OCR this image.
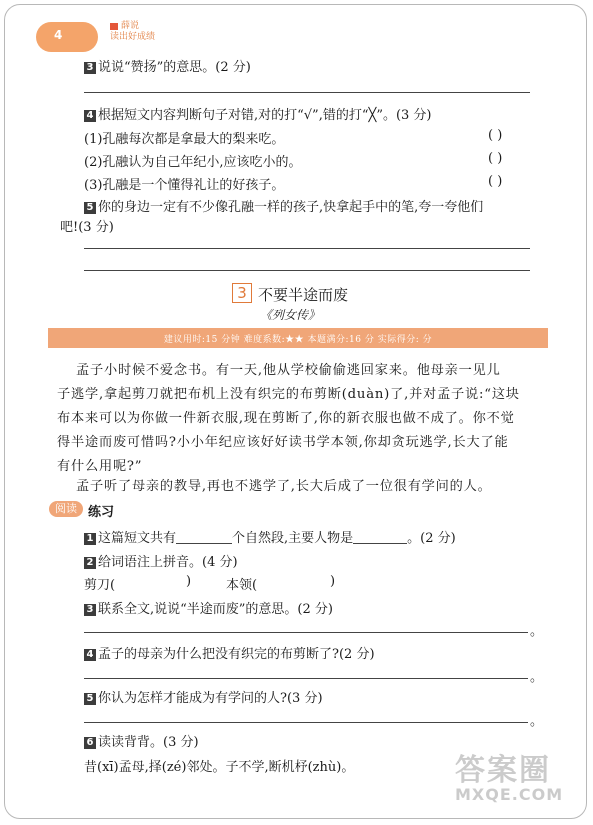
4
薛说
读出好成绩
3 说说“赞扬”的意思。(2 分)
4 根据短文内容判断句子对错,对的打“√”,错的打“╳”。(3 分)
(1)孔融每次都是拿最大的梨来吃。	( )
(2)孔融认为自己年纪小,应该吃小的。	( )
(3)孔融是一个懂得礼让的好孩子。	( )
5 你的身边一定有不少像孔融一样的孩子,快拿起手中的笔,夸一夸他们
吧!(3 分)
3 不要半途而废
《列女传》
建议用时:15 分钟 难度系数:★★ 本题满分:16 分 实际得分: 分
孟子小时候不爱念书。有一天,他从学校偷偷逃回家来。他母亲一见儿
子逃学,拿起剪刀就把布机上没有织完的布剪断(duàn)了,并对孟子说:“这块
布本来可以为你做一件新衣服,现在剪断了,你的新衣服也做不成了。你不觉
得半途而废可惜吗?小小年纪应该好好读书学本领,你却贪玩逃学,长大了能
有什么用呢?”
孟子听了母亲的教导,再也不逃学了,长大后成了一位很有学问的人。
阅读 练习
1 这篇短文共有	个自然段,主要人物是	。(2 分)
2 给词语注上拼音。(4 分)
剪刀(	)	本领(	)
3 联系全文,说说“半途而废”的意思。(2 分)
。
4 孟子的母亲为什么把没有织完的布剪断了?(2 分)
。
5 你认为怎样才能成为有学问的人?(3 分)
。
6 读读背背。(3 分)
昔(xī)孟母,择(zé)邻处。子不学,断机杼(zhù)。	答案圈
MXQE.COM
